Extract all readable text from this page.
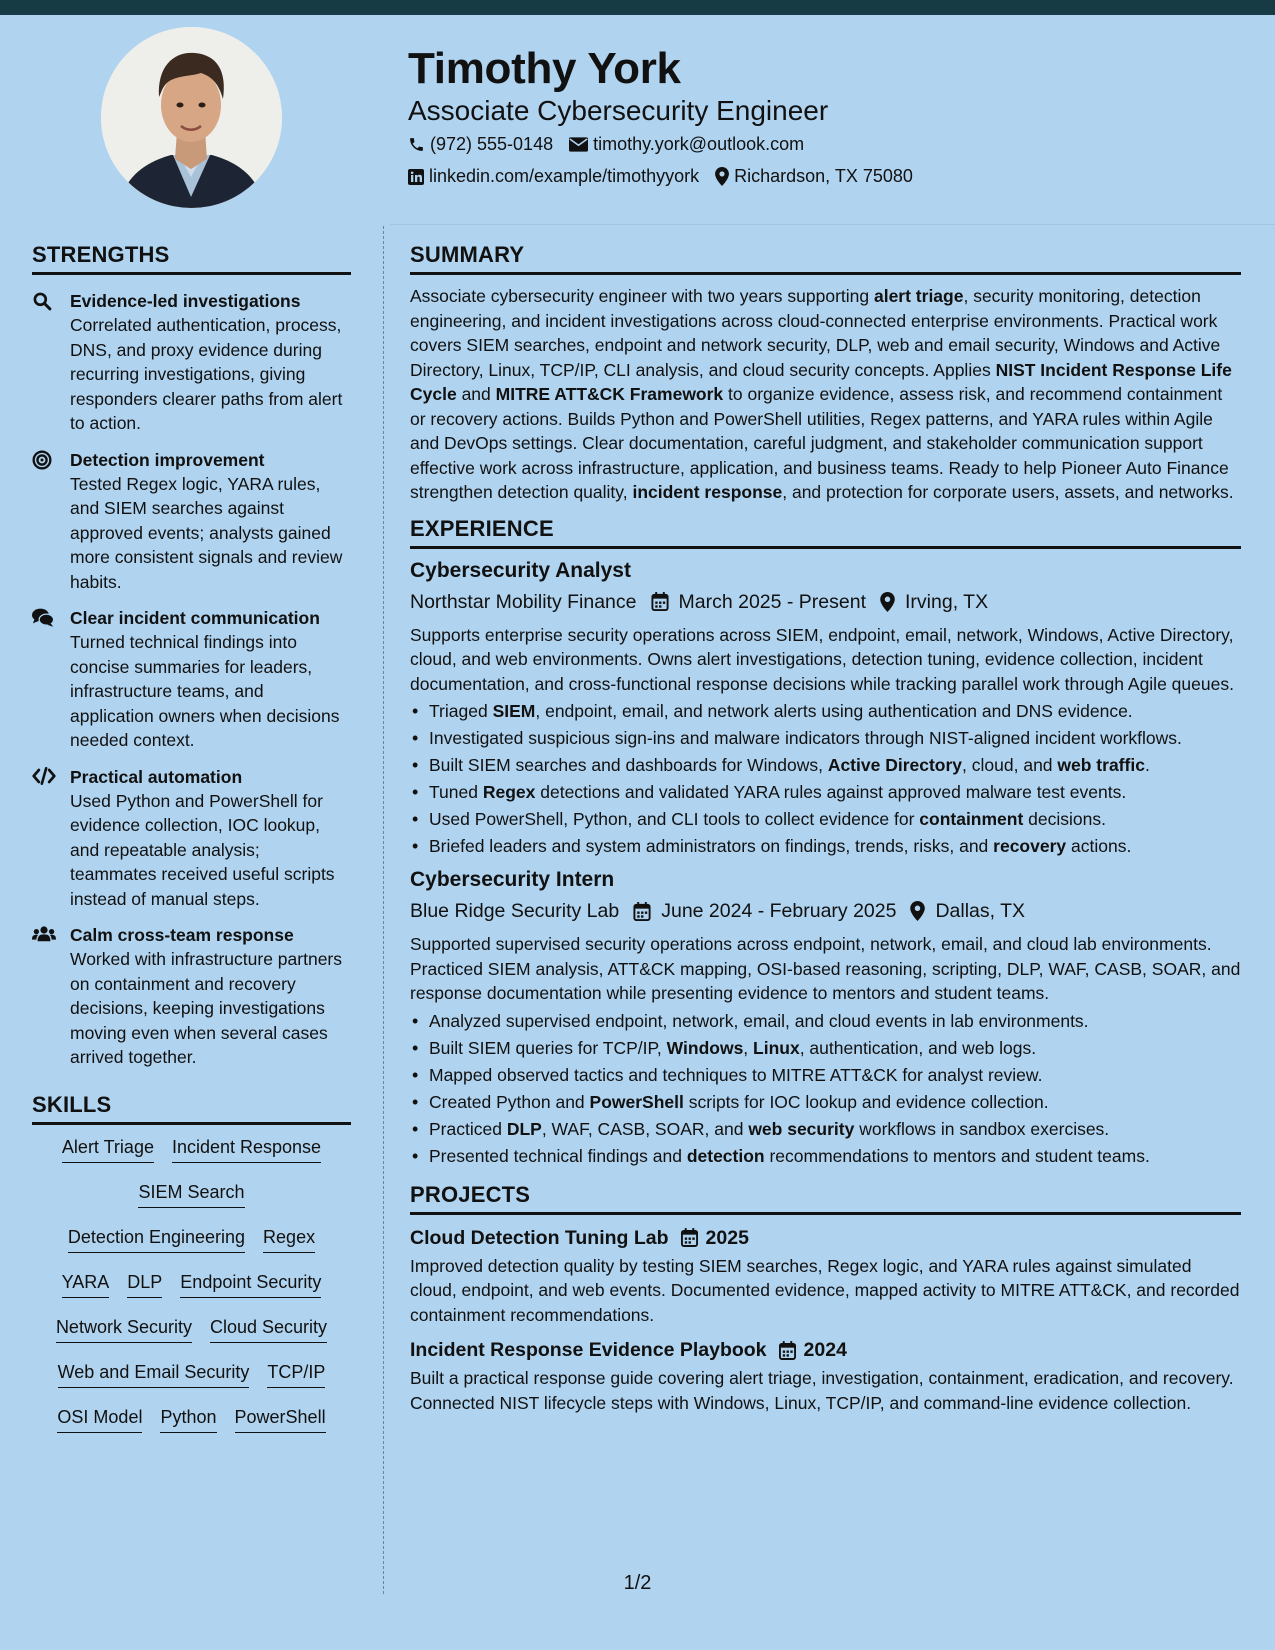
Timothy York
Associate Cybersecurity Engineer
(972) 555-0148 timothy.york@outlook.com
linkedin.com/example/timothyyork Richardson, TX 75080
STRENGTHS
Evidence-led investigations
Correlated authentication, process, DNS, and proxy evidence during recurring investigations, giving responders clearer paths from alert to action.
Detection improvement
Tested Regex logic, YARA rules, and SIEM searches against approved events; analysts gained more consistent signals and review habits.
Clear incident communication
Turned technical findings into concise summaries for leaders, infrastructure teams, and application owners when decisions needed context.
Practical automation
Used Python and PowerShell for evidence collection, IOC lookup, and repeatable analysis; teammates received useful scripts instead of manual steps.
Calm cross-team response
Worked with infrastructure partners on containment and recovery decisions, keeping investigations moving even when several cases arrived together.
SKILLS
Alert Triage Incident Response
SIEM Search
Detection Engineering Regex
YARA DLP Endpoint Security
Network Security Cloud Security
Web and Email Security TCP/IP
OSI Model Python PowerShell
SUMMARY
Associate cybersecurity engineer with two years supporting alert triage, security monitoring, detection engineering, and incident investigations across cloud-connected enterprise environments. Practical work covers SIEM searches, endpoint and network security, DLP, web and email security, Windows and Active Directory, Linux, TCP/IP, CLI analysis, and cloud security concepts. Applies NIST Incident Response Life Cycle and MITRE ATT&CK Framework to organize evidence, assess risk, and recommend containment or recovery actions. Builds Python and PowerShell utilities, Regex patterns, and YARA rules within Agile and DevOps settings. Clear documentation, careful judgment, and stakeholder communication support effective work across infrastructure, application, and business teams. Ready to help Pioneer Auto Finance strengthen detection quality, incident response, and protection for corporate users, assets, and networks.
EXPERIENCE
Cybersecurity Analyst
Northstar Mobility Finance March 2025 - Present Irving, TX
Supports enterprise security operations across SIEM, endpoint, email, network, Windows, Active Directory, cloud, and web environments. Owns alert investigations, detection tuning, evidence collection, incident documentation, and cross-functional response decisions while tracking parallel work through Agile queues.
• Triaged SIEM, endpoint, email, and network alerts using authentication and DNS evidence.
• Investigated suspicious sign-ins and malware indicators through NIST-aligned incident workflows.
• Built SIEM searches and dashboards for Windows, Active Directory, cloud, and web traffic.
• Tuned Regex detections and validated YARA rules against approved malware test events.
• Used PowerShell, Python, and CLI tools to collect evidence for containment decisions.
• Briefed leaders and system administrators on findings, trends, risks, and recovery actions.
Cybersecurity Intern
Blue Ridge Security Lab June 2024 - February 2025 Dallas, TX
Supported supervised security operations across endpoint, network, email, and cloud lab environments. Practiced SIEM analysis, ATT&CK mapping, OSI-based reasoning, scripting, DLP, WAF, CASB, SOAR, and response documentation while presenting evidence to mentors and student teams.
• Analyzed supervised endpoint, network, email, and cloud events in lab environments.
• Built SIEM queries for TCP/IP, Windows, Linux, authentication, and web logs.
• Mapped observed tactics and techniques to MITRE ATT&CK for analyst review.
• Created Python and PowerShell scripts for IOC lookup and evidence collection.
• Practiced DLP, WAF, CASB, SOAR, and web security workflows in sandbox exercises.
• Presented technical findings and detection recommendations to mentors and student teams.
PROJECTS
Cloud Detection Tuning Lab 2025
Improved detection quality by testing SIEM searches, Regex logic, and YARA rules against simulated cloud, endpoint, and web events. Documented evidence, mapped activity to MITRE ATT&CK, and recorded containment recommendations.
Incident Response Evidence Playbook 2024
Built a practical response guide covering alert triage, investigation, containment, eradication, and recovery. Connected NIST lifecycle steps with Windows, Linux, TCP/IP, and command-line evidence collection.
1/2
